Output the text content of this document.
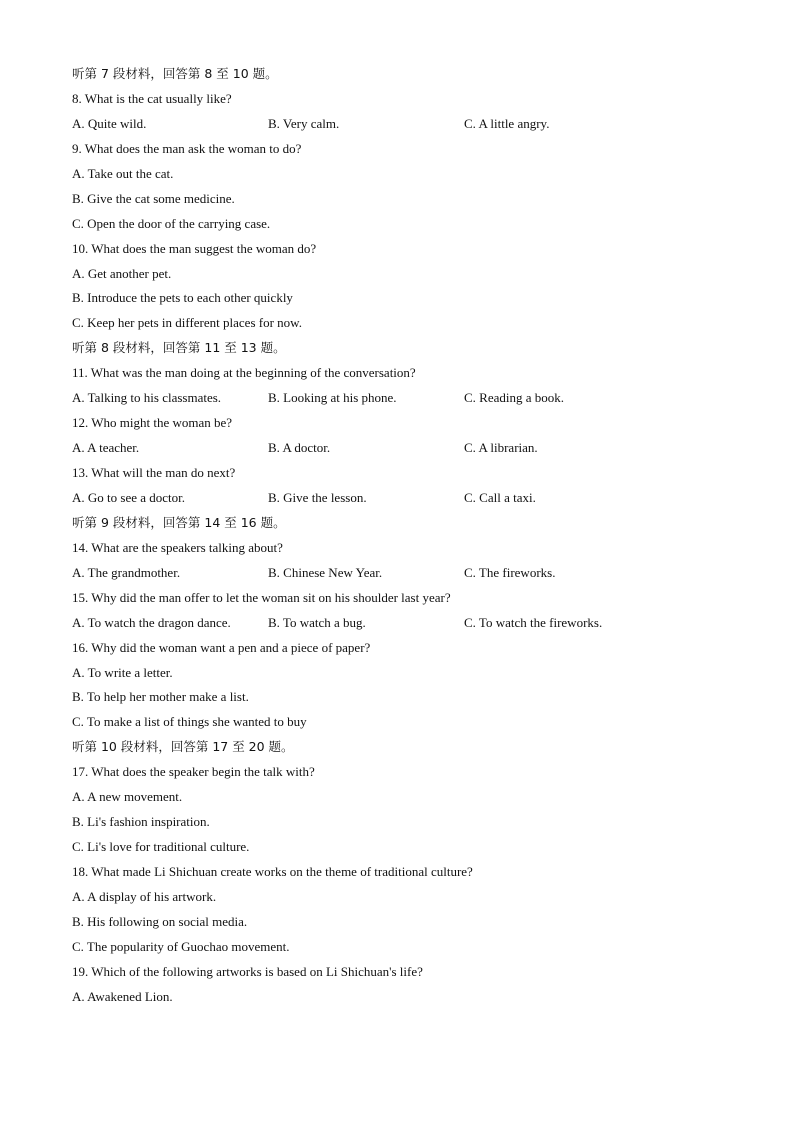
听第 7 段材料，回答第 8 至 10 题。
8. What is the cat usually like?
A. Quite wild.	B. Very calm.	C. A little angry.
9. What does the man ask the woman to do?
A. Take out the cat.
B. Give the cat some medicine.
C. Open the door of the carrying case.
10. What does the man suggest the woman do?
A. Get another pet.
B. Introduce the pets to each other quickly
C. Keep her pets in different places for now.
听第 8 段材料，回答第 11 至 13 题。
11. What was the man doing at the beginning of the conversation?
A. Talking to his classmates.	B. Looking at his phone.	C. Reading a book.
12. Who might the woman be?
A. A teacher.	B. A doctor.	C. A librarian.
13. What will the man do next?
A. Go to see a doctor.	B. Give the lesson.	C. Call a taxi.
听第 9 段材料，回答第 14 至 16 题。
14. What are the speakers talking about?
A. The grandmother.	B. Chinese New Year.	C. The fireworks.
15. Why did the man offer to let the woman sit on his shoulder last year?
A. To watch the dragon dance.	B. To watch a bug.	C. To watch the fireworks.
16. Why did the woman want a pen and a piece of paper?
A. To write a letter.
B. To help her mother make a list.
C. To make a list of things she wanted to buy
听第 10 段材料，回答第 17 至 20 题。
17. What does the speaker begin the talk with?
A. A new movement.
B. Li's fashion inspiration.
C. Li's love for traditional culture.
18. What made Li Shichuan create works on the theme of traditional culture?
A. A display of his artwork.
B. His following on social media.
C. The popularity of Guochao movement.
19. Which of the following artworks is based on Li Shichuan's life?
A. Awakened Lion.
